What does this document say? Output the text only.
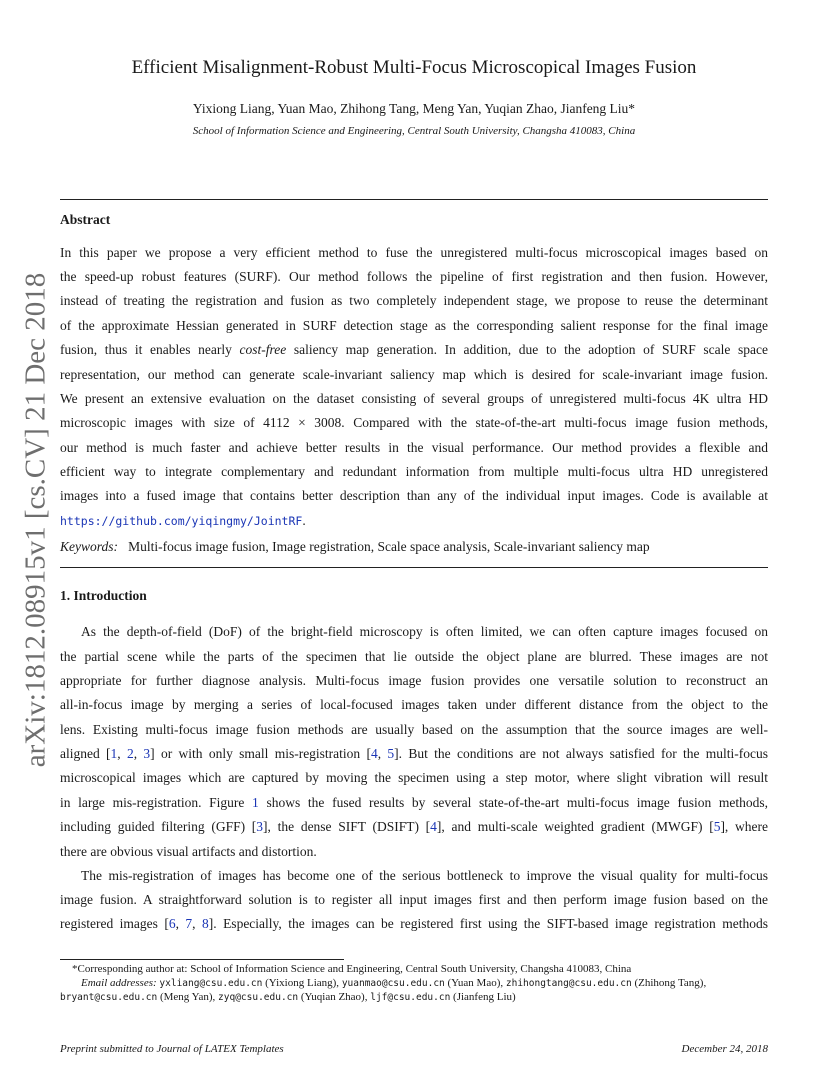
arXiv:1812.08915v1 [cs.CV] 21 Dec 2018
Efficient Misalignment-Robust Multi-Focus Microscopical Images Fusion
Yixiong Liang, Yuan Mao, Zhihong Tang, Meng Yan, Yuqian Zhao, Jianfeng Liu*
School of Information Science and Engineering, Central South University, Changsha 410083, China
Abstract
In this paper we propose a very efficient method to fuse the unregistered multi-focus microscopical images based on
the speed-up robust features (SURF). Our method follows the pipeline of first registration and then fusion. However,
instead of treating the registration and fusion as two completely independent stage, we propose to reuse the determinant
of the approximate Hessian generated in SURF detection stage as the corresponding salient response for the final image
fusion, thus it enables nearly cost-free saliency map generation. In addition, due to the adoption of SURF scale space
representation, our method can generate scale-invariant saliency map which is desired for scale-invariant image fusion.
We present an extensive evaluation on the dataset consisting of several groups of unregistered multi-focus 4K ultra HD
microscopic images with size of 4112 × 3008. Compared with the state-of-the-art multi-focus image fusion methods,
our method is much faster and achieve better results in the visual performance. Our method provides a flexible and
efficient way to integrate complementary and redundant information from multiple multi-focus ultra HD unregistered
images into a fused image that contains better description than any of the individual input images. Code is available at
https://github.com/yiqingmy/JointRF.
Keywords: Multi-focus image fusion, Image registration, Scale space analysis, Scale-invariant saliency map
1. Introduction
As the depth-of-field (DoF) of the bright-field microscopy is often limited, we can often capture images focused on
the partial scene while the parts of the specimen that lie outside the object plane are blurred. These images are not
appropriate for further diagnose analysis. Multi-focus image fusion provides one versatile solution to reconstruct an
all-in-focus image by merging a series of local-focused images taken under different distance from the object to the
lens. Existing multi-focus image fusion methods are usually based on the assumption that the source images are well-
aligned [1, 2, 3] or with only small mis-registration [4, 5]. But the conditions are not always satisfied for the multi-focus
microscopical images which are captured by moving the specimen using a step motor, where slight vibration will result
in large mis-registration. Figure 1 shows the fused results by several state-of-the-art multi-focus image fusion methods,
including guided filtering (GFF) [3], the dense SIFT (DSIFT) [4], and multi-scale weighted gradient (MWGF) [5], where
there are obvious visual artifacts and distortion.
The mis-registration of images has become one of the serious bottleneck to improve the visual quality for multi-focus
image fusion. A straightforward solution is to register all input images first and then perform image fusion based on the
registered images [6, 7, 8]. Especially, the images can be registered first using the SIFT-based image registration methods
*Corresponding author at: School of Information Science and Engineering, Central South University, Changsha 410083, China
Email addresses: yxliang@csu.edu.cn (Yixiong Liang), yuanmao@csu.edu.cn (Yuan Mao), zhihongtang@csu.edu.cn (Zhihong Tang),
bryant@csu.edu.cn (Meng Yan), zyq@csu.edu.cn (Yuqian Zhao), ljf@csu.edu.cn (Jianfeng Liu)
Preprint submitted to Journal of LATEX Templates	December 24, 2018
